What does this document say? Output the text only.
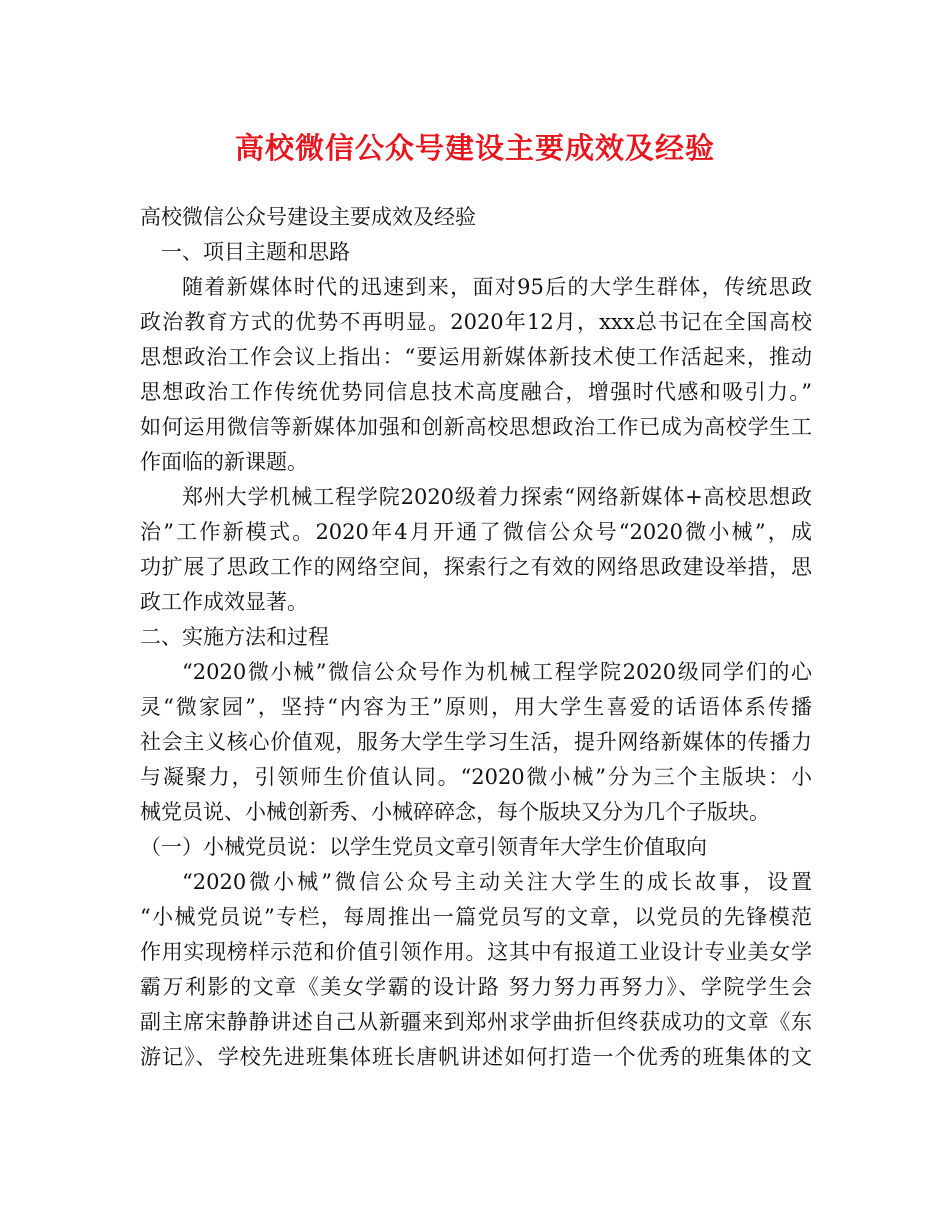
高校微信公众号建设主要成效及经验
高校微信公众号建设主要成效及经验
一、项目主题和思路
随着新媒体时代的迅速到来，面对95后的大学生群体，传统思政
政治教育方式的优势不再明显。2020年12月，xxx总书记在全国高校
思想政治工作会议上指出：“要运用新媒体新技术使工作活起来，推动
思想政治工作传统优势同信息技术高度融合，增强时代感和吸引力。”
如何运用微信等新媒体加强和创新高校思想政治工作已成为高校学生工
作面临的新课题。
郑州大学机械工程学院2020级着力探索“网络新媒体+高校思想政
治”工作新模式。2020年4月开通了微信公众号“2020微小械”，成
功扩展了思政工作的网络空间，探索行之有效的网络思政建设举措，思
政工作成效显著。
二、实施方法和过程
“2020微小械”微信公众号作为机械工程学院2020级同学们的心
灵“微家园”，坚持“内容为王”原则，用大学生喜爱的话语体系传播
社会主义核心价值观，服务大学生学习生活，提升网络新媒体的传播力
与凝聚力，引领师生价值认同。“2020微小械”分为三个主版块：小
械党员说、小械创新秀、小械碎碎念，每个版块又分为几个子版块。
（一）小械党员说：以学生党员文章引领青年大学生价值取向
“2020微小械”微信公众号主动关注大学生的成长故事，设置
“小械党员说”专栏，每周推出一篇党员写的文章，以党员的先锋模范
作用实现榜样示范和价值引领作用。这其中有报道工业设计专业美女学
霸万利影的文章《美女学霸的设计路 努力努力再努力》、学院学生会
副主席宋静静讲述自己从新疆来到郑州求学曲折但终获成功的文章《东
游记》、学校先进班集体班长唐帆讲述如何打造一个优秀的班集体的文
